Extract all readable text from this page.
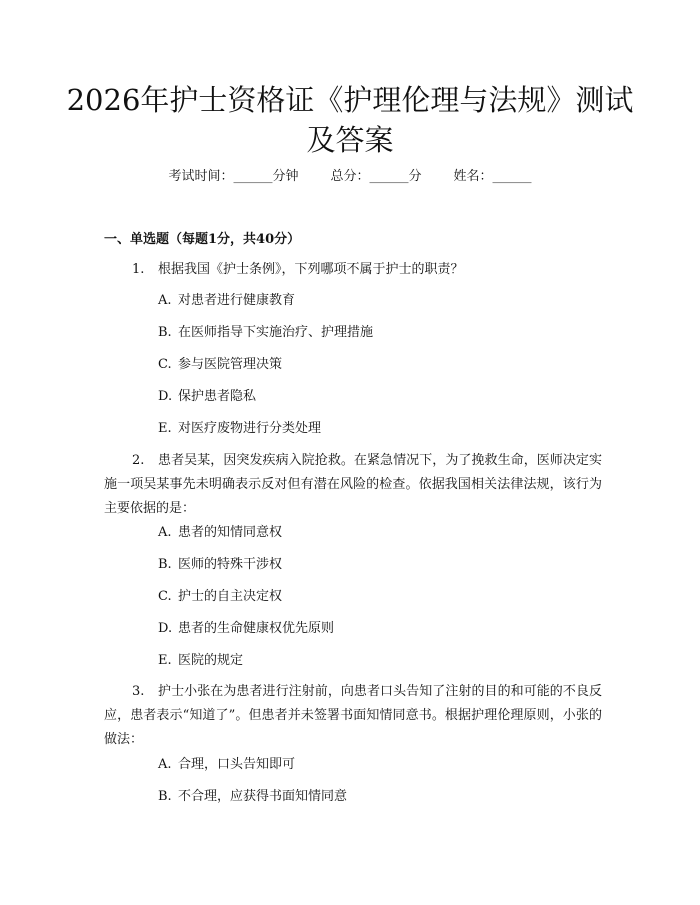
2026年护士资格证《护理伦理与法规》测试及答案
考试时间：______分钟 总分：______分 姓名：______
一、单选题（每题1分，共40分）

1. 根据我国《护士条例》，下列哪项不属于护士的职责？

A. 对患者进行健康教育
B. 在医师指导下实施治疗、护理措施
C. 参与医院管理决策
D. 保护患者隐私
E. 对医疗废物进行分类处理

2. 患者吴某，因突发疾病入院抢救。在紧急情况下，为了挽救生命，医师决定实施一项吴某事先未明确表示反对但有潜在风险的检查。依据我国相关法律法规，该行为主要依据的是：

A. 患者的知情同意权
B. 医师的特殊干涉权
C. 护士的自主决定权
D. 患者的生命健康权优先原则
E. 医院的规定

3. 护士小张在为患者进行注射前，向患者口头告知了注射的目的和可能的不良反应，患者表示“知道了”。但患者并未签署书面知情同意书。根据护理伦理原则，小张的做法：

A. 合理，口头告知即可
B. 不合理，应获得书面知情同意
